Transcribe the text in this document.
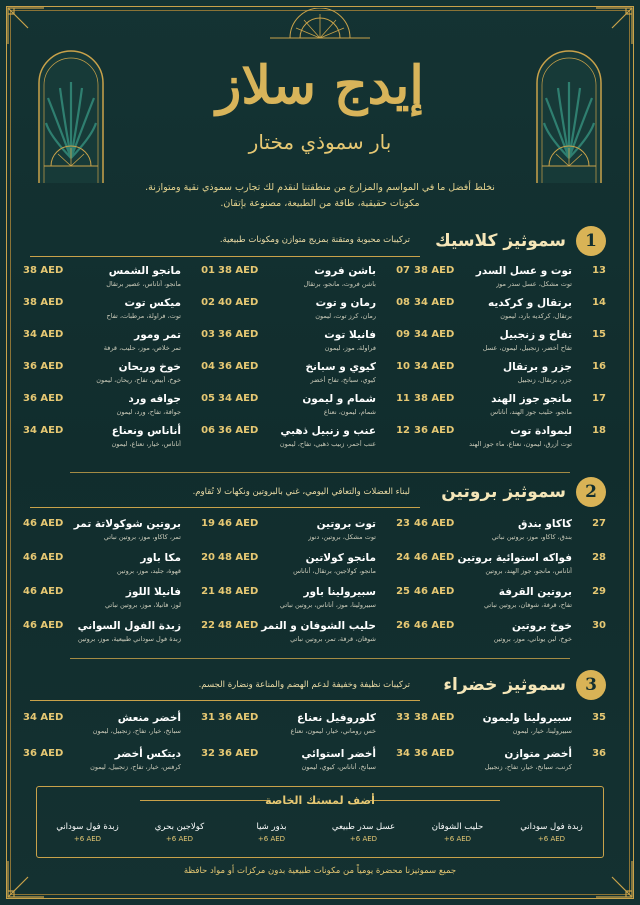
إيدج سلاز
بار سموذي مختار
نخلط أفضل ما في المواسم والمزارع من منطقتنا لنقدم لك تجارب سموذي نقية ومتوازنة.
مكونات حقيقية، طاقة من الطبيعة، مصنوعة بإتقان.
1
سموثيز كلاسيك
تركيبات محبوبة ومتقنة بمزيج متوازن ومكونات طبيعية.
13
توت و عسل السدر
توت مشكل، عسل سدر موز
38 AED
14
برتقال و كركديه
برتقال، كركديه بارد، ليمون
34 AED
15
تفاح و زنجبيل
تفاح أخضر، زنجبيل، ليمون، عسل
34 AED
16
جزر و برتقال
جزر، برتقال، زنجبيل
34 AED
17
مانجو جوز الهند
مانجو، حليب جوز الهند، أناناس
38 AED
18
ليموادة توت
توت أزرق، ليمون، نعناع، ماء جوز الهند
36 AED
07
باشن فروت
باشن فروت، مانجو، برتقال
38 AED
08
رمان و توت
رمان، كرز توت، ليمون
40 AED
09
فانيلا توت
فراولة، موز، ليمون
36 AED
10
كيوي و سبانخ
كيوي، سبانخ، تفاح أخضر
36 AED
11
شمام و ليمون
شمام، ليمون، نعناع
34 AED
12
عنب و زنبيل ذهبي
عنب أحمر، زبيب ذهبي، تفاح، ليمون
36 AED
01
مانجو الشمس
مانجو، أناناس، عصير برتقال
38 AED
02
ميكس توت
توت، فراولة، مرطبات، تفاح
38 AED
03
تمر ومور
تمر خلاص، موز، حليب، قرفة
34 AED
04
خوخ وريحان
خوخ، أبيض، تفاح، ريحان، ليمون
36 AED
05
جوافه ورد
جوافة، تفاح، ورد، ليمون
36 AED
06
أناناس ونعناع
أناناس، خيار، نعناع، ليمون
34 AED
2
سموثيز بروتين
لبناء العضلات والتعافي اليومي، غني بالبروتين ونكهات لا تُقاوم.
27
كاكاو بندق
بندق، كاكاو، موز، بروتين نباتي
46 AED
28
فواكه استوائية بروتين
أناناس، مانجو، جوز الهند، بروتين
46 AED
29
بروتين القرفة
تفاح، قرفة، شوفان، بروتين نباتي
46 AED
30
خوخ بروتين
خوخ، لبن يوناني، موز، بروتين
46 AED
23
توت بروتين
توت مشكل، بروتين، دنوز
46 AED
24
مانجو كولاتين
مانجو، كولاجين، برتقال، أناناس
48 AED
25
سبيرولينا باور
سبيرولينا، موز، أناناس، بروتين نباتي
48 AED
26
حليب الشوفان و التمر
شوفان، قرفة، تمر، بروتين نباتي
48 AED
19
بروتين شوكولاتة تمر
تمر، كاكاو، موز، بروتين نباتي
46 AED
20
مكا باور
قهوة، جليد، موز، بروتين
46 AED
21
فانيلا اللوز
لوز، فانيلا، موز، بروتين نباتي
46 AED
22
زبدة الفول السواني
زبدة فول سوداني طبيعية، موز، بروتين
46 AED
3
سموثيز خضراء
تركيبات نظيفة وخفيفة لدعم الهضم والمناعة ونضارة الجسم.
35
سبيرولينا وليمون
سبيرولينا، خيار، ليمون
38 AED
36
أخضر متوازن
كرنب، سبانخ، خيار، تفاح، زنجبيل
36 AED
33
كلوروفيل نعناع
خس روماني، خيار، ليمون، نعناع
36 AED
34
أخضر استوائي
سبانخ، أناناس، كيوي، ليمون
36 AED
31
أخضر منعش
سبانخ، خيار، تفاح، زنجبيل، ليمون
34 AED
32
ديتكس أخضر
كرفس، خيار، تفاح، زنجبيل، ليمون
36 AED
أضف لمستك الخاصة
زبدة فول سوداني
+6 AED
حليب الشوفان
+6 AED
عسل سدر طبيعي
+6 AED
بذور شيا
+6 AED
كولاجين بحري
+6 AED
زبدة فول سوداني
+6 AED
جميع سموثيزنا محضرة يومياً من مكونات طبيعية بدون مركزات أو مواد حافظة
